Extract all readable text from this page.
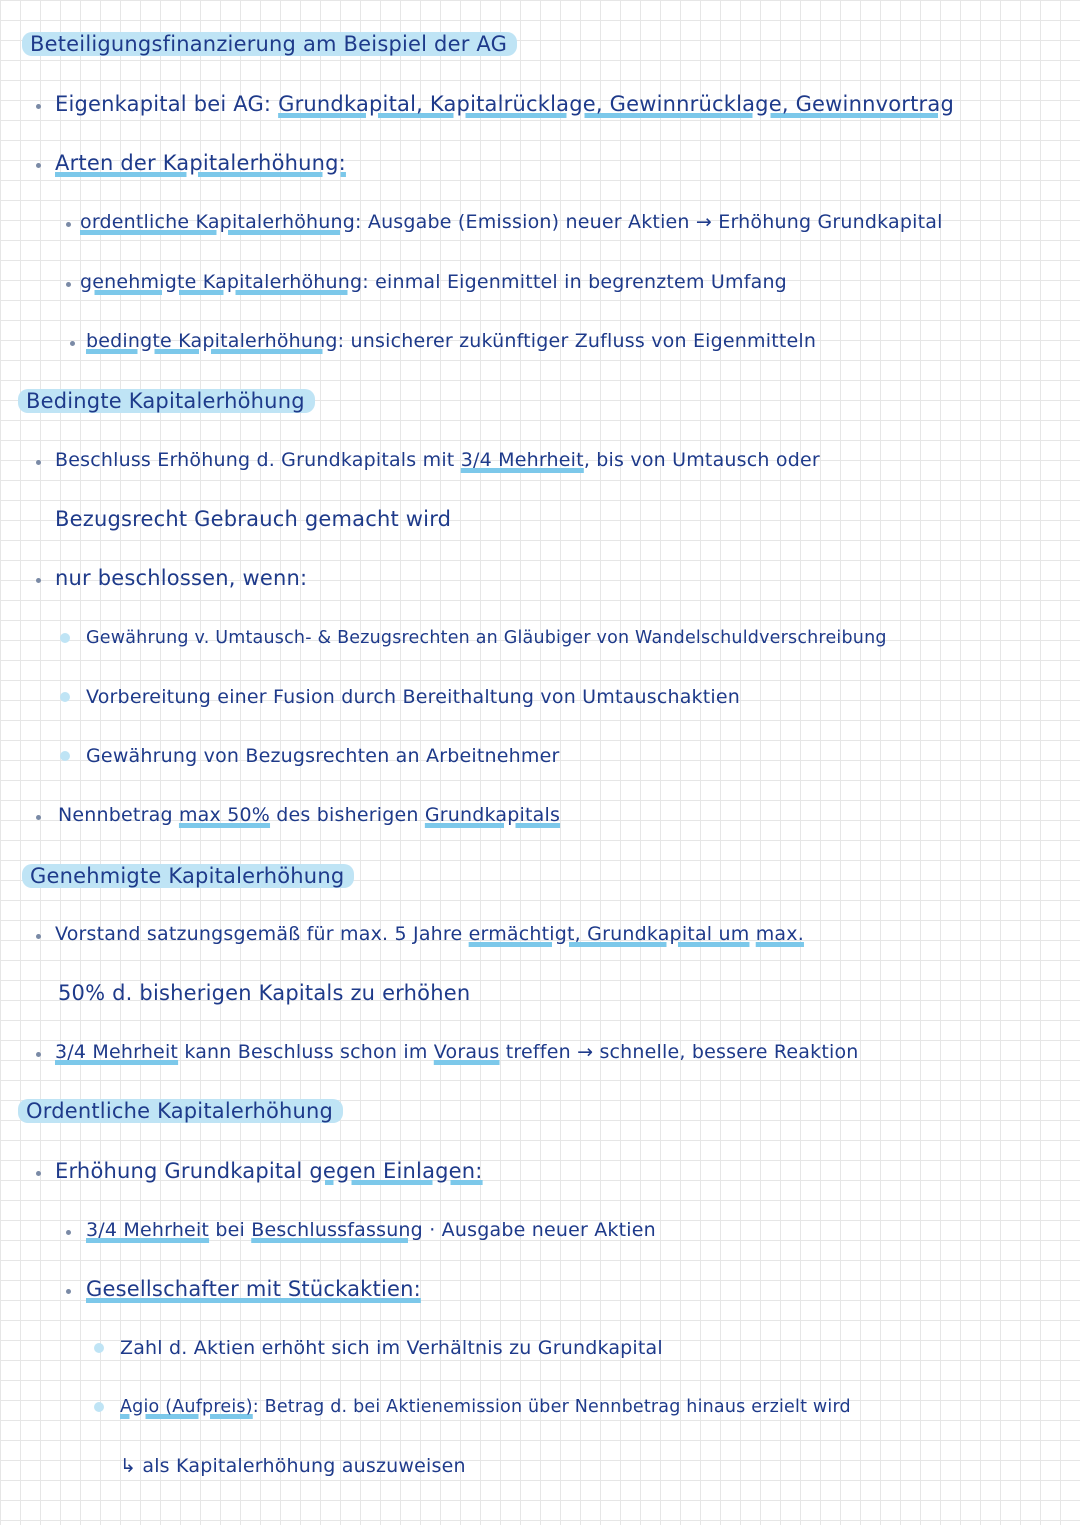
Beteiligungsfinanzierung am Beispiel der AG
Eigenkapital bei AG: Grundkapital, Kapitalrücklage, Gewinnrücklage, Gewinnvortrag
Arten der Kapitalerhöhung:
ordentliche Kapitalerhöhung: Ausgabe (Emission) neuer Aktien → Erhöhung Grundkapital
genehmigte Kapitalerhöhung: einmal Eigenmittel in begrenztem Umfang
bedingte Kapitalerhöhung: unsicherer zukünftiger Zufluss von Eigenmitteln
Bedingte Kapitalerhöhung
Beschluss Erhöhung d. Grundkapitals mit 3/4 Mehrheit, bis von Umtausch oder
Bezugsrecht Gebrauch gemacht wird
nur beschlossen, wenn:
Gewährung v. Umtausch- & Bezugsrechten an Gläubiger von Wandelschuldverschreibung
Vorbereitung einer Fusion durch Bereithaltung von Umtauschaktien
Gewährung von Bezugsrechten an Arbeitnehmer
Nennbetrag max 50% des bisherigen Grundkapitals
Genehmigte Kapitalerhöhung
Vorstand satzungsgemäß für max. 5 Jahre ermächtigt, Grundkapital um max.
50% d. bisherigen Kapitals zu erhöhen
3/4 Mehrheit kann Beschluss schon im Voraus treffen → schnelle, bessere Reaktion
Ordentliche Kapitalerhöhung
Erhöhung Grundkapital gegen Einlagen:
3/4 Mehrheit bei Beschlussfassung · Ausgabe neuer Aktien
Gesellschafter mit Stückaktien:
Zahl d. Aktien erhöht sich im Verhältnis zu Grundkapital
Agio (Aufpreis): Betrag d. bei Aktienemission über Nennbetrag hinaus erzielt wird
↳ als Kapitalerhöhung auszuweisen
